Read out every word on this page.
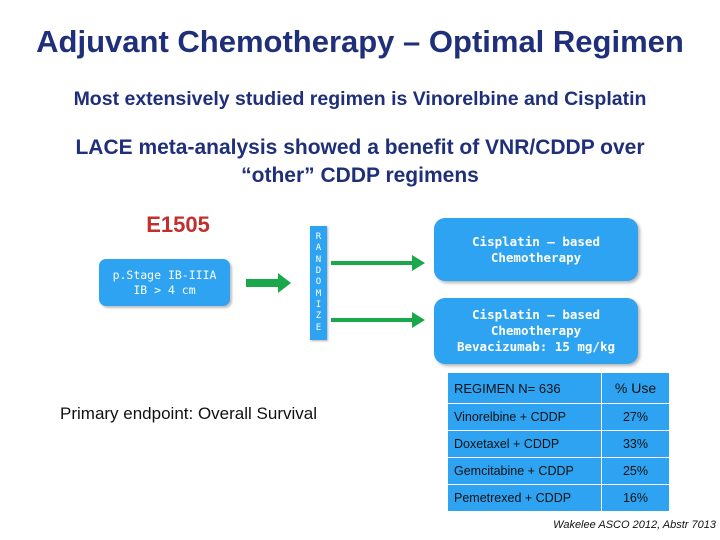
Adjuvant Chemotherapy – Optimal Regimen
Most extensively studied regimen is Vinorelbine and Cisplatin
LACE meta-analysis showed a benefit of VNR/CDDP over
“other” CDDP regimens
E1505
p.Stage IB-IIIA
IB > 4 cm
R
A
N
D
O
M
I
Z
E
Cisplatin – based
Chemotherapy
Cisplatin – based
Chemotherapy
Bevacizumab: 15 mg/kg
Primary endpoint: Overall Survival
REGIMEN N= 636	% Use
Vinorelbine + CDDP	27%
Doxetaxel + CDDP	33%
Gemcitabine + CDDP	25%
Pemetrexed + CDDP	16%
Wakelee ASCO 2012, Abstr 7013
